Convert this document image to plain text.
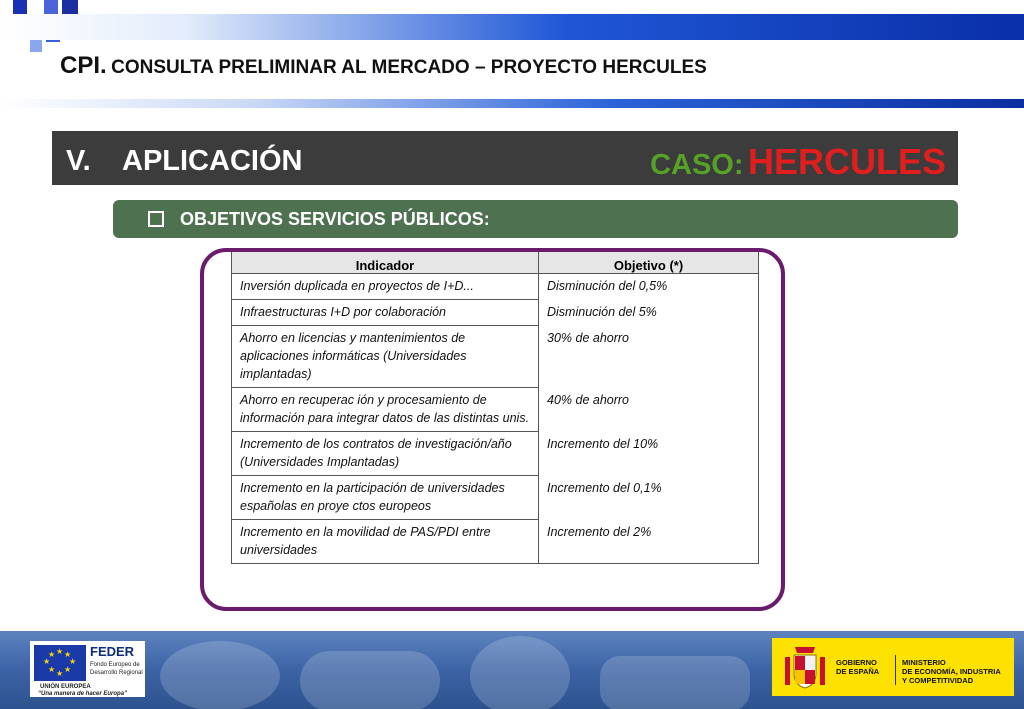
CPI. CONSULTA PRELIMINAR AL MERCADO – PROYECTO HERCULES
V. APLICACIÓN	CASO: HERCULES
OBJETIVOS SERVICIOS PÚBLICOS:
Indicador	Objetivo (*)
Inversión duplicada en proyectos de I+D...	Disminución del 0,5%
Infraestructuras I+D por colaboración	Disminución del 5%
Ahorro en licencias y mantenimientos de aplicaciones informáticas (Universidades implantadas)	30% de ahorro
Ahorro en recuperac ión y procesamiento de información para integrar datos de las distintas unis.	40% de ahorro
Incremento de los contratos de investigación/año (Universidades Implantadas)	Incremento del 10%
Incremento en la participación de universidades españolas en proye ctos europeos	Incremento del 0,1%
Incremento en la movilidad de PAS/PDI entre universidades	Incremento del 2%
★ ★
★
★
★
★
★
★	FEDER
Fondo Europeo de
Desarrollo Regional
UNIÓN EUROPEA
“Una manera de hacer Europa”
GOBIERNO
DE ESPAÑA
MINISTERIO
DE ECONOMÍA, INDUSTRIA
Y COMPETITIVIDAD
